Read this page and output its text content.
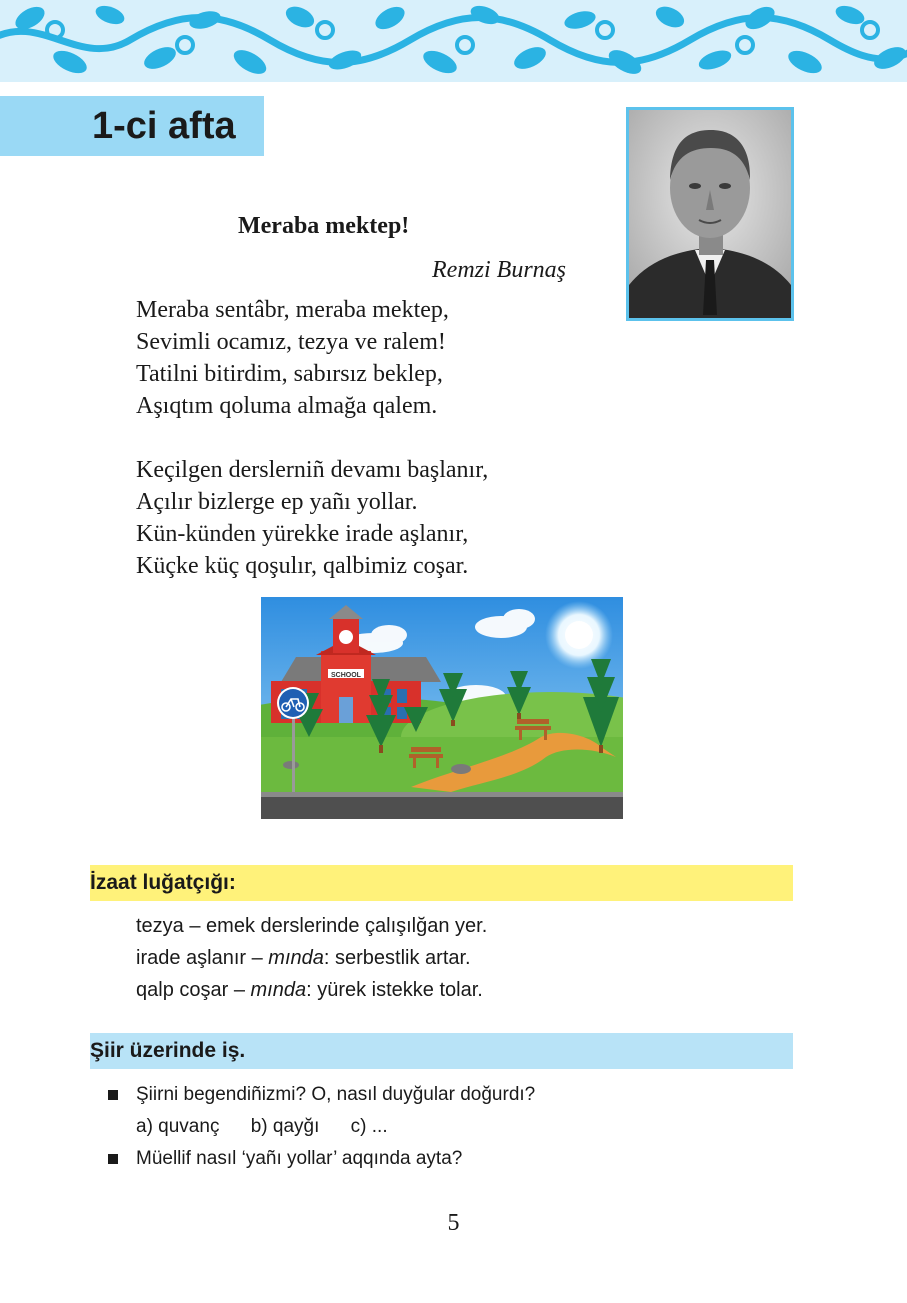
1-ci afta
Meraba mektep!
Remzi Burnaş
Meraba sentâbr, meraba mektep,
Sevimli ocamız, tezya ve ralem!
Tatilni bitirdim, sabırsız beklep,
Aşıqtım qoluma almağa qalem.
Keçilgen derslerniñ devamı başlanır,
Açılır bizlerge ep yañı yollar.
Kün-künden yürekke irade aşlanır,
Küçke küç qoşulır, qalbimiz coşar.
SCHOOL
İzaat luğatçığı:
tezya – emek derslerinde çalışılğan yer.
irade aşlanır – mında: serbestlik artar.
qalp coşar – mında: yürek istekke tolar.
Şiir üzerinde iş.
Şiirni begendiñizmi? O, nasıl duyğular doğurdı?
a) quvanç b) qayğı c) ...
Müellif nasıl ‘yañı yollar’ aqqında ayta?
5
